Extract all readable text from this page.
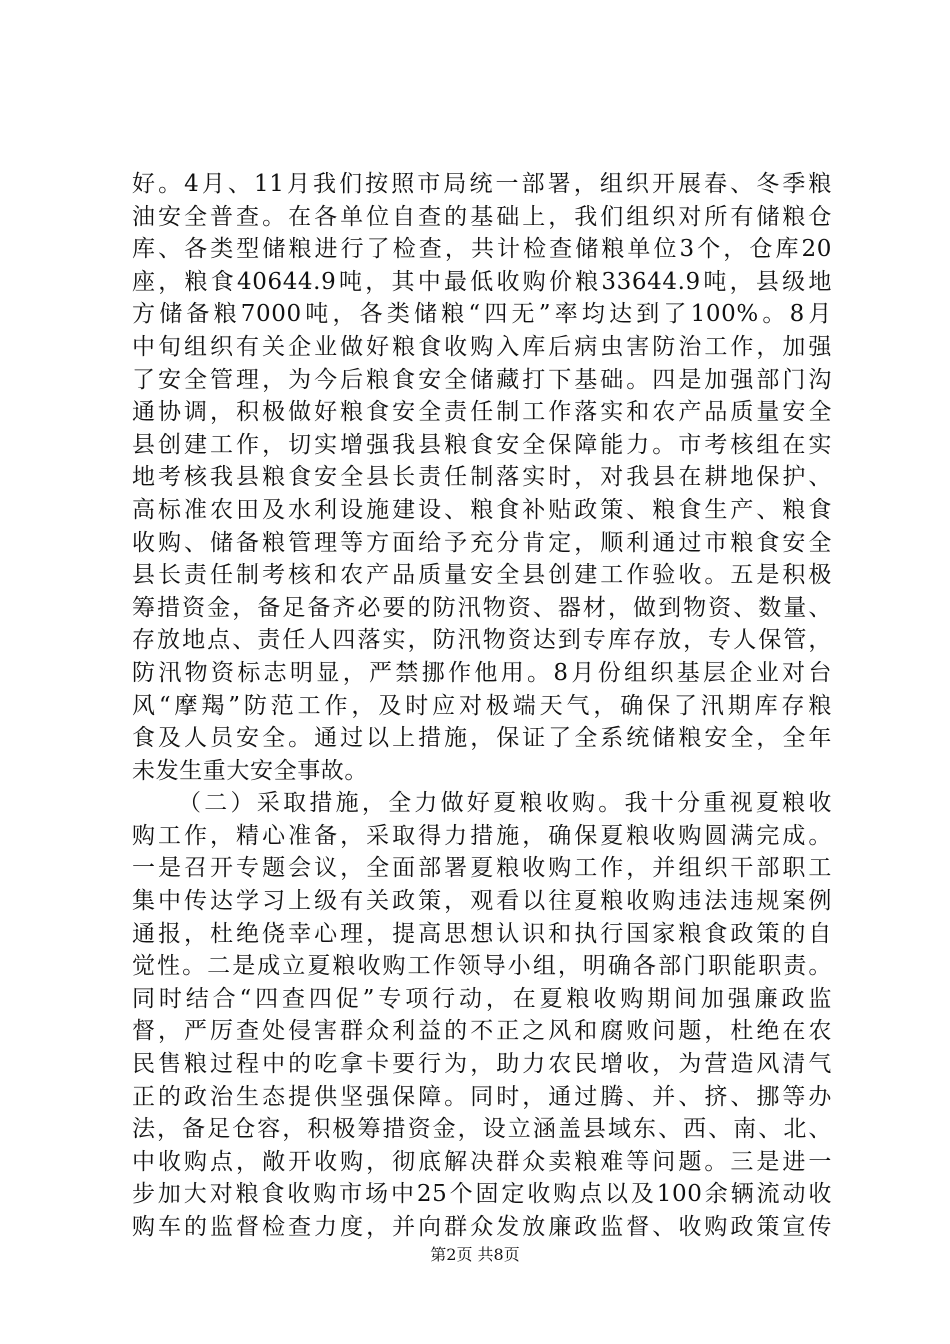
好。4月、11月我们按照市局统一部署，组织开展春、冬季粮
油安全普查。在各单位自查的基础上，我们组织对所有储粮仓
库、各类型储粮进行了检查，共计检查储粮单位3个，仓库20
座，粮食40644.9吨，其中最低收购价粮33644.9吨，县级地
方储备粮7000吨，各类储粮“四无”率均达到了100%。8月
中旬组织有关企业做好粮食收购入库后病虫害防治工作，加强
了安全管理，为今后粮食安全储藏打下基础。四是加强部门沟
通协调，积极做好粮食安全责任制工作落实和农产品质量安全
县创建工作，切实增强我县粮食安全保障能力。市考核组在实
地考核我县粮食安全县长责任制落实时，对我县在耕地保护、
高标准农田及水利设施建设、粮食补贴政策、粮食生产、粮食
收购、储备粮管理等方面给予充分肯定，顺利通过市粮食安全
县长责任制考核和农产品质量安全县创建工作验收。五是积极
筹措资金，备足备齐必要的防汛物资、器材，做到物资、数量、
存放地点、责任人四落实，防汛物资达到专库存放，专人保管，
防汛物资标志明显，严禁挪作他用。8月份组织基层企业对台
风“摩羯”防范工作，及时应对极端天气，确保了汛期库存粮
食及人员安全。通过以上措施，保证了全系统储粮安全，全年
未发生重大安全事故。
（二）采取措施，全力做好夏粮收购。我十分重视夏粮收
购工作，精心准备，采取得力措施，确保夏粮收购圆满完成。
一是召开专题会议，全面部署夏粮收购工作，并组织干部职工
集中传达学习上级有关政策，观看以往夏粮收购违法违规案例
通报，杜绝侥幸心理，提高思想认识和执行国家粮食政策的自
觉性。二是成立夏粮收购工作领导小组，明确各部门职能职责。
同时结合“四查四促”专项行动，在夏粮收购期间加强廉政监
督，严厉查处侵害群众利益的不正之风和腐败问题，杜绝在农
民售粮过程中的吃拿卡要行为，助力农民增收，为营造风清气
正的政治生态提供坚强保障。同时，通过腾、并、挤、挪等办
法，备足仓容，积极筹措资金，设立涵盖县域东、西、南、北、
中收购点，敞开收购，彻底解决群众卖粮难等问题。三是进一
步加大对粮食收购市场中25个固定收购点以及100余辆流动收
购车的监督检查力度，并向群众发放廉政监督、收购政策宣传
第2页 共8页
